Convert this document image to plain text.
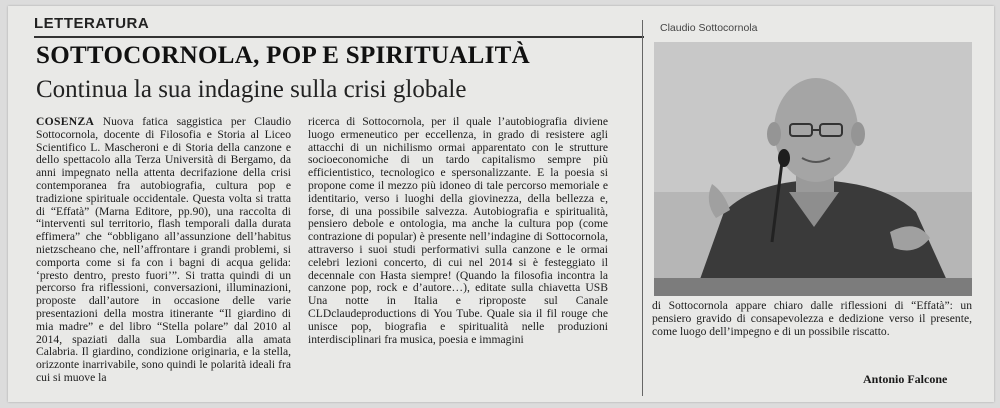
LETTERATURA
SOTTOCORNOLA, POP E SPIRITUALITÀ
Continua la sua indagine sulla crisi globale
COSENZA Nuova fatica saggistica per Claudio Sottocornola, docente di Filosofia e Storia al Liceo Scientifico L. Mascheroni e di Storia della canzone e dello spettacolo alla Terza Università di Bergamo, da anni impegnato nella attenta decrifazione della crisi contemporanea fra autobiografia, cultura pop e tradizione spirituale occidentale. Questa volta si tratta di “Effatà” (Marna Editore, pp.90), una raccolta di “interventi sul territorio, flash temporali dalla durata effimera” che “obbligano all’assunzione dell’habitus nietzscheano che, nell’affrontare i grandi problemi, si comporta come si fa con i bagni di acqua gelida: ‘presto dentro, presto fuori’”. Si tratta quindi di un percorso fra riflessioni, conversazioni, illuminazioni, proposte dall’autore in occasione delle varie presentazioni della mostra itinerante “Il giardino di mia madre” e del libro “Stella polare” dal 2010 al 2014, spaziati dalla sua Lombardia alla amata Calabria. Il giardino, condizione originaria, e la stella, orizzonte inarrivabile, sono quindi le polarità ideali fra cui si muove la
ricerca di Sottocornola, per il quale l’autobiografia diviene luogo ermeneutico per eccellenza, in grado di resistere agli attacchi di un nichilismo ormai apparentato con le strutture socioeconomiche di un tardo capitalismo sempre più efficientistico, tecnologico e spersonalizzante. E la poesia si propone come il mezzo più idoneo di tale percorso memoriale e identitario, verso i luoghi della giovinezza, della bellezza e, forse, di una possibile salvezza. Autobiografia e spiritualità, pensiero debole e ontologia, ma anche la cultura pop (come contrazione di popular) è presente nell’indagine di Sottocornola, attraverso i suoi studi performativi sulla canzone e le ormai celebri lezioni concerto, di cui nel 2014 si è festeggiato il decennale con Hasta siempre! (Quando la filosofia incontra la canzone pop, rock e d’autore…), editate sulla chiavetta USB Una notte in Italia e riproposte sul Canale CLDclaudeproductions di You Tube. Quale sia il fil rouge che unisce pop, biografia e spiritualità nelle produzioni interdisciplinari fra musica, poesia e immagini
Claudio Sottocornola
di Sottocornola appare chiaro dalle riflessioni di “Effatà”: un pensiero gravido di consapevolezza e dedizione verso il presente, come luogo dell’impegno e di un possibile riscatto.
Antonio Falcone
